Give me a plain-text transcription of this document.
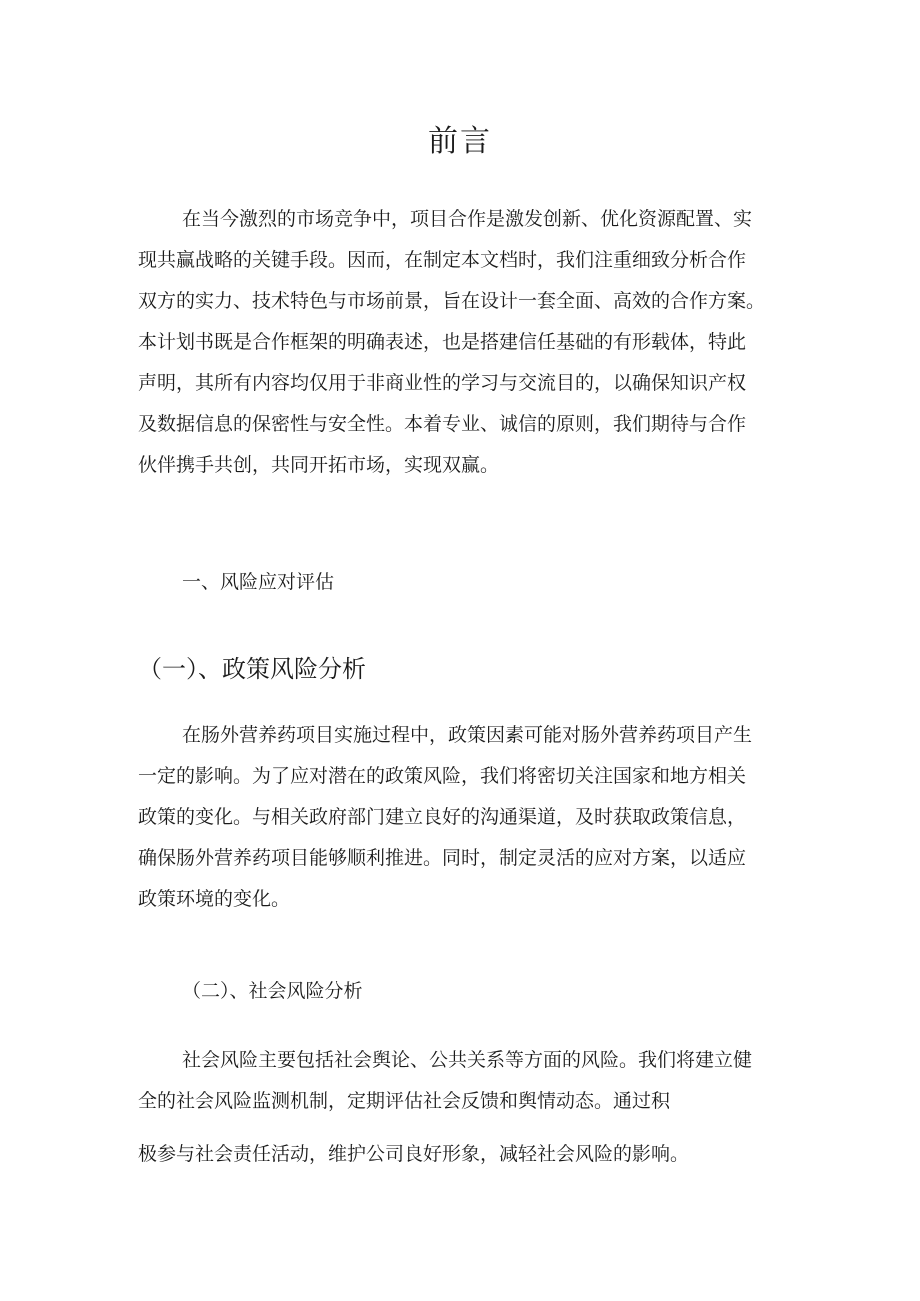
前言
在当今激烈的市场竞争中，项目合作是激发创新、优化资源配置、实
现共赢战略的关键手段。因而，在制定本文档时，我们注重细致分析合作
双方的实力、技术特色与市场前景，旨在设计一套全面、高效的合作方案。
本计划书既是合作框架的明确表述，也是搭建信任基础的有形载体，特此
声明，其所有内容均仅用于非商业性的学习与交流目的，以确保知识产权
及数据信息的保密性与安全性。本着专业、诚信的原则，我们期待与合作
伙伴携手共创，共同开拓市场，实现双赢。
一、风险应对评估
（一）、政策风险分析
在肠外营养药项目实施过程中，政策因素可能对肠外营养药项目产生
一定的影响。为了应对潜在的政策风险，我们将密切关注国家和地方相关
政策的变化。与相关政府部门建立良好的沟通渠道，及时获取政策信息，
确保肠外营养药项目能够顺利推进。同时，制定灵活的应对方案，以适应
政策环境的变化。
（二）、社会风险分析
社会风险主要包括社会舆论、公共关系等方面的风险。我们将建立健
全的社会风险监测机制，定期评估社会反馈和舆情动态。通过积
极参与社会责任活动，维护公司良好形象，减轻社会风险的影响。
